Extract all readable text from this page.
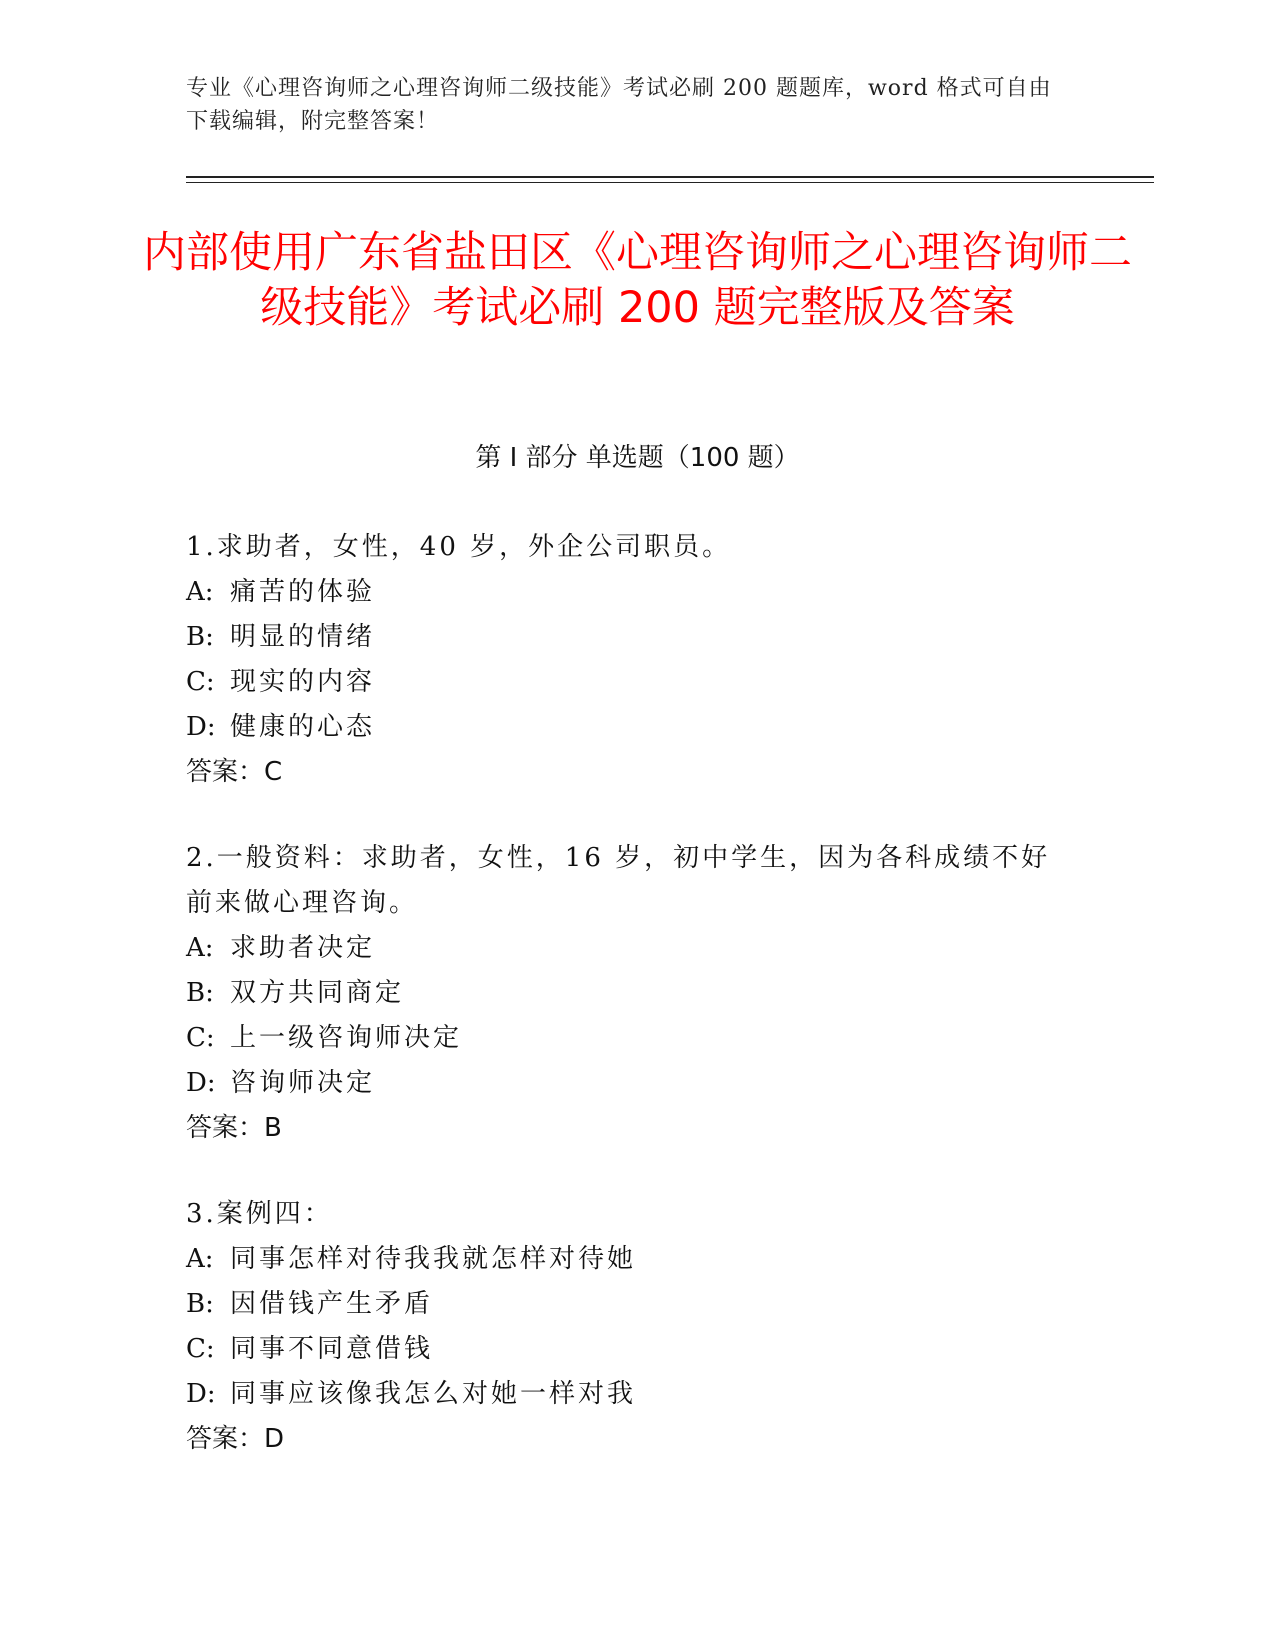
专业《心理咨询师之心理咨询师二级技能》考试必刷 200 题题库，word 格式可自由下载编辑，附完整答案！
内部使用广东省盐田区《心理咨询师之心理咨询师二级技能》考试必刷 200 题完整版及答案
第 I 部分 单选题（100 题）
1.求助者，女性，40 岁，外企公司职员。
A: 痛苦的体验
B: 明显的情绪
C: 现实的内容
D: 健康的心态
答案：C
2.一般资料：求助者，女性，16 岁，初中学生，因为各科成绩不好前来做心理咨询。
A: 求助者决定
B: 双方共同商定
C: 上一级咨询师决定
D: 咨询师决定
答案：B
3.案例四：
A: 同事怎样对待我我就怎样对待她
B: 因借钱产生矛盾
C: 同事不同意借钱
D: 同事应该像我怎么对她一样对我
答案：D
